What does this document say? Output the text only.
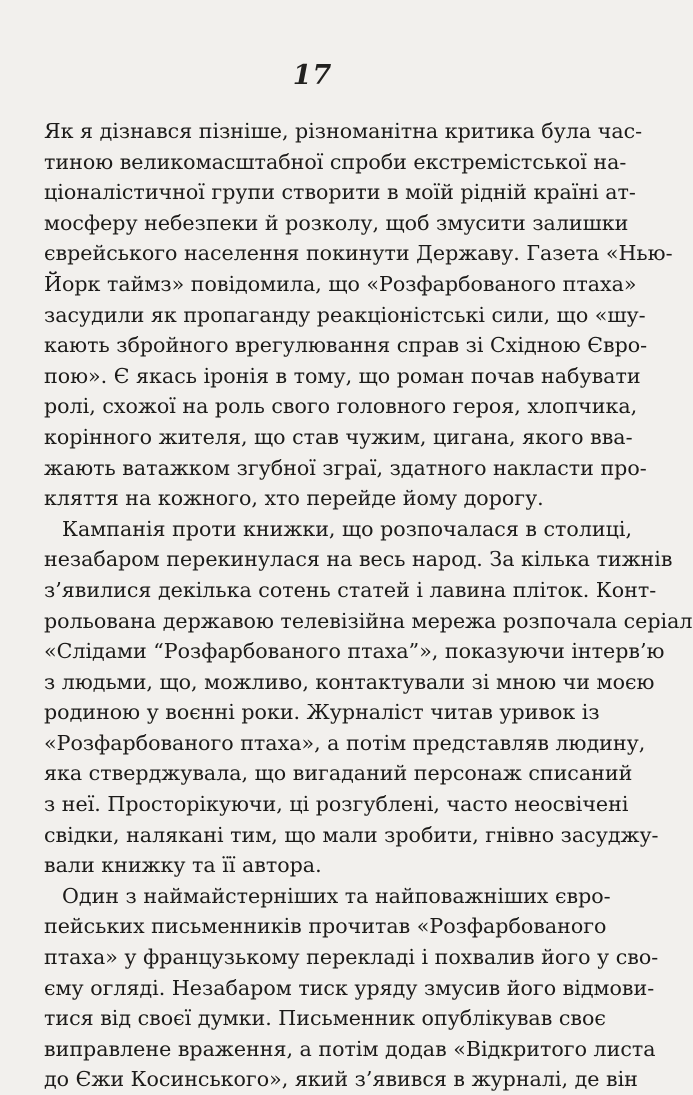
17
Як я дізнався пізніше, різноманітна критика була час-
тиною великомасштабної спроби екстремістської на-
ціоналістичної групи створити в моїй рідній країні ат-
мосферу небезпеки й розколу, щоб змусити залишки
єврейського населення покинути Державу. Газета «Нью-
Йорк таймз» повідомила, що «Розфарбованого птаха»
засудили як пропаганду реакціоністські сили, що «шу-
кають збройного врегулювання справ зі Східною Євро-
пою». Є якась іронія в тому, що роман почав набувати
ролі, схожої на роль свого головного героя, хлопчика,
корінного жителя, що став чужим, цигана, якого вва-
жають ватажком згубної зграї, здатного накласти про-
кляття на кожного, хто перейде йому дорогу.
Кампанія проти книжки, що розпочалася в столиці,
незабаром перекинулася на весь народ. За кілька тижнів
з’явилися декілька сотень статей і лавина пліток. Конт-
рольована державою телевізійна мережа розпочала серіал
«Слідами “Розфарбованого птаха”», показуючи інтерв’ю
з людьми, що, можливо, контактували зі мною чи моєю
родиною у воєнні роки. Журналіст читав уривок із
«Розфарбованого птаха», а потім представляв людину,
яка стверджувала, що вигаданий персонаж списаний
з неї. Просторікуючи, ці розгублені, часто неосвічені
свідки, налякані тим, що мали зробити, гнівно засуджу-
вали книжку та її автора.
Один з наймайстерніших та найповажніших євро-
пейських письменників прочитав «Розфарбованого
птаха» у французькому перекладі і похвалив його у сво-
єму огляді. Незабаром тиск уряду змусив його відмови-
тися від своєї думки. Письменник опублікував своє
виправлене враження, а потім додав «Відкритого листа
до Єжи Косинського», який з’явився в журналі, де він
